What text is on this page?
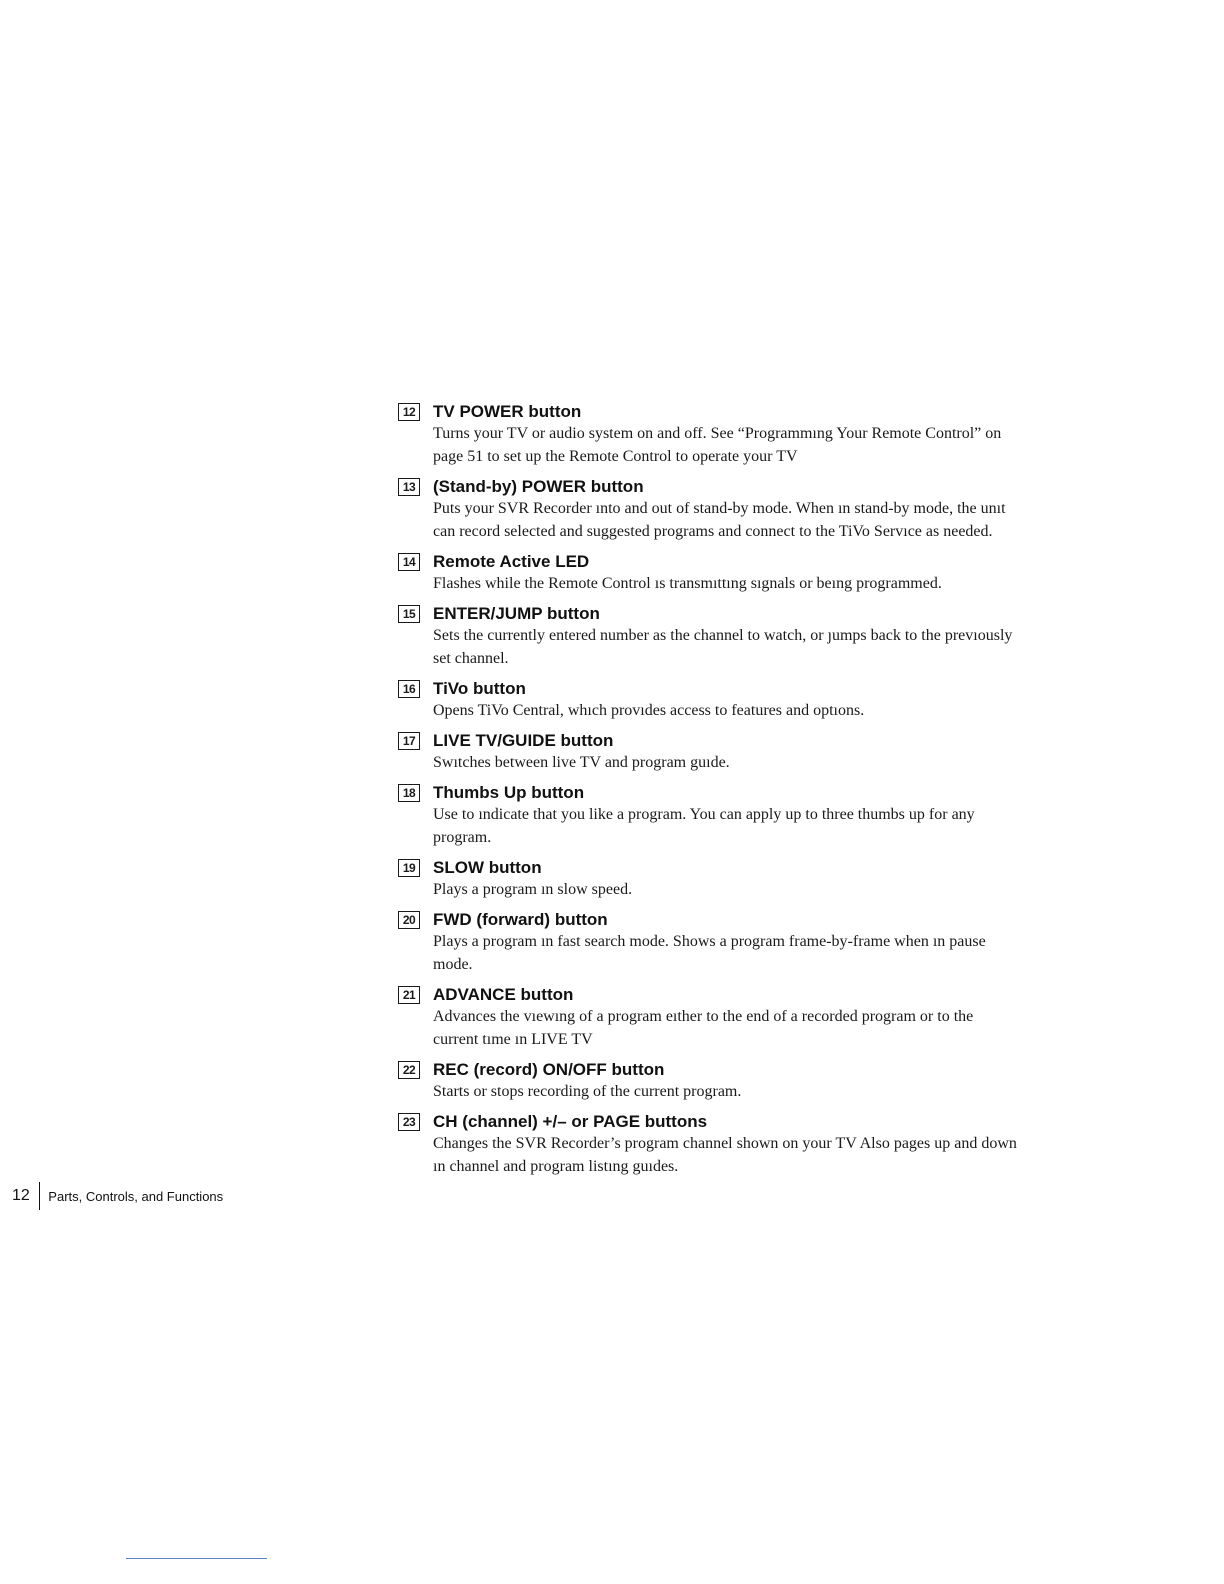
12 TV POWER button
Turns your TV or audio system on and off. See “Programmıng Your Remote Control” on page 51 to set up the Remote Control to operate your TV
13 (Stand-by) POWER button
Puts your SVR Recorder ınto and out of stand-by mode. When ın stand-by mode, the unıt can record selected and suggested programs and connect to the TiVo Servıce as needed.
14 Remote Active LED
Flashes while the Remote Control ıs transmıttıng sıgnals or beıng programmed.
15 ENTER/JUMP button
Sets the currently entered number as the channel to watch, or ȷumps back to the prevıously set channel.
16 TiVo button
Opens TiVo Central, whıch provıdes access to features and optıons.
17 LIVE TV/GUIDE button
Swıtches between live TV and program guıde.
18 Thumbs Up button
Use to ındicate that you like a program. You can apply up to three thumbs up for any program.
19 SLOW button
Plays a program ın slow speed.
20 FWD (forward) button
Plays a program ın fast search mode. Shows a program frame-by-frame when ın pause mode.
21 ADVANCE button
Advances the vıewıng of a program eıther to the end of a recorded program or to the current tıme ın LIVE TV
22 REC (record) ON/OFF button
Starts or stops recording of the current program.
23 CH (channel) +/– or PAGE buttons
Changes the SVR Recorder’s program channel shown on your TV Also pages up and down ın channel and program listıng guıdes.
12 Parts, Controls, and Functions
